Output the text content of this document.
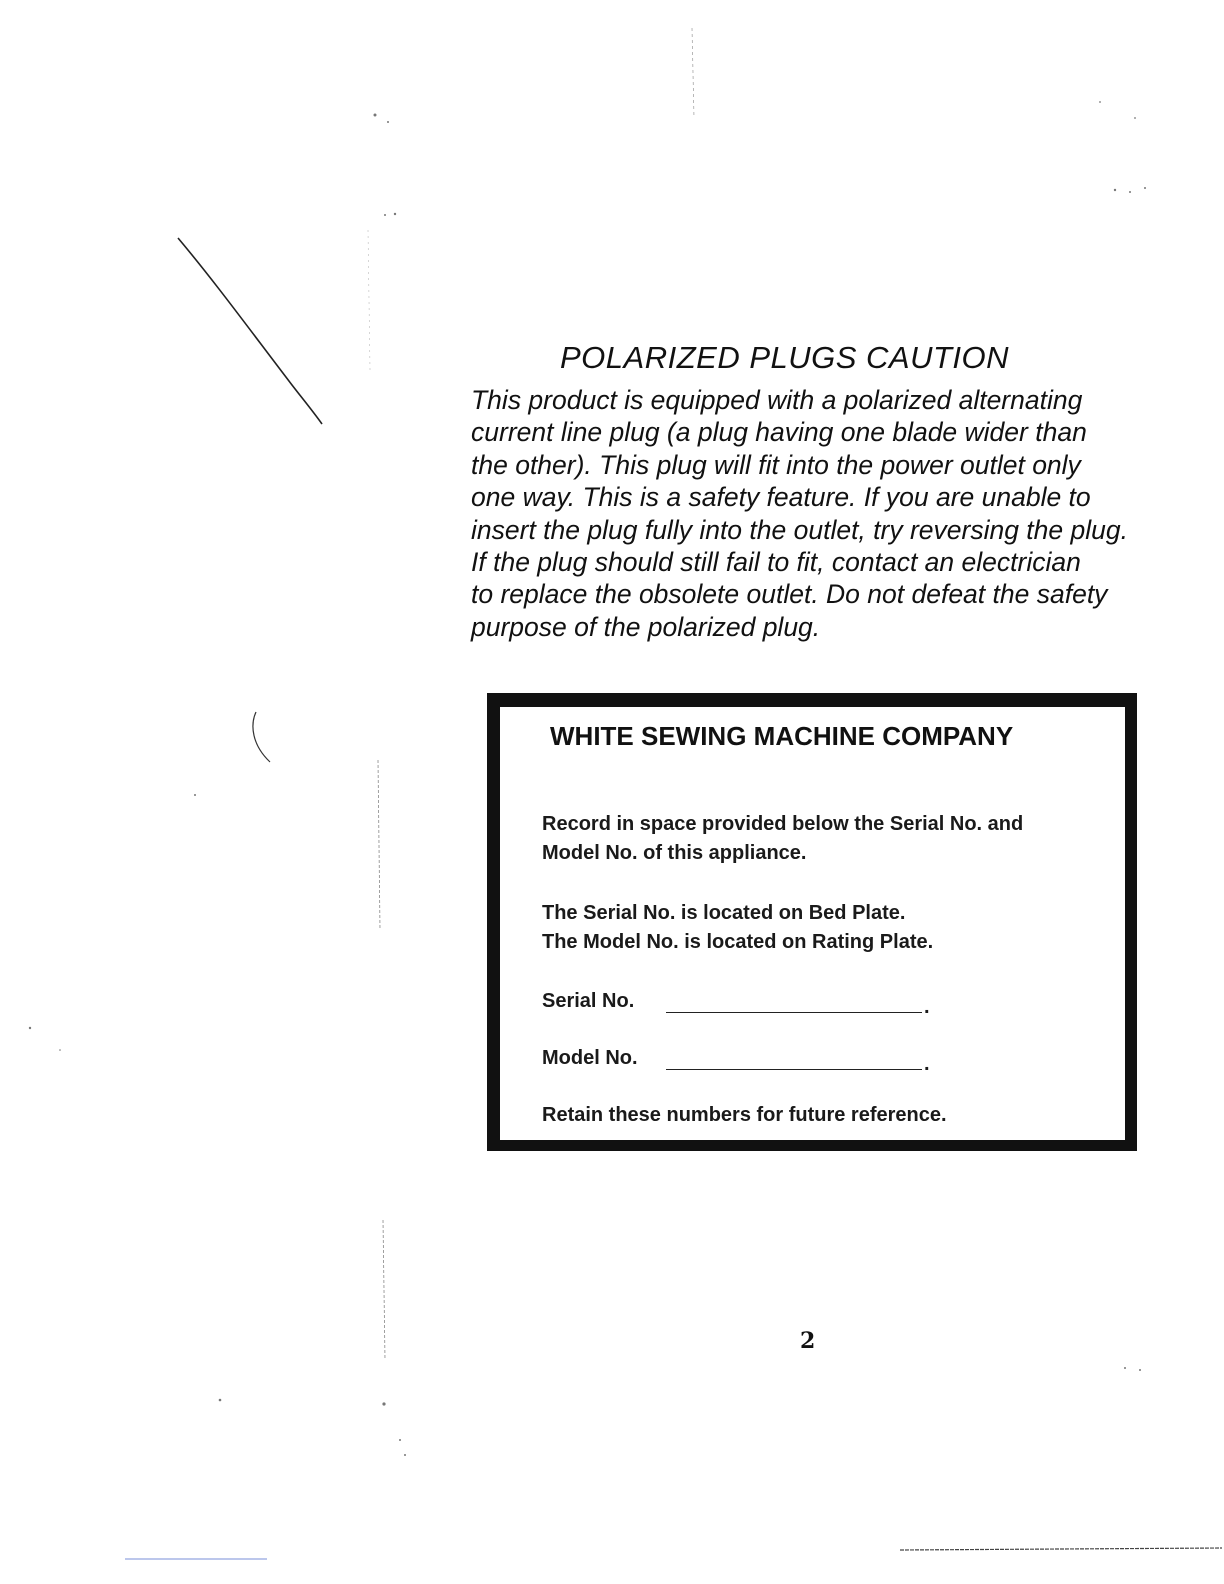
POLARIZED PLUGS CAUTION
This product is equipped with a polarized alternating
current line plug (a plug having one blade wider than
the other). This plug will fit into the power outlet only
one way. This is a safety feature. If you are unable to
insert the plug fully into the outlet, try reversing the plug.
If the plug should still fail to fit, contact an electrician
to replace the obsolete outlet. Do not defeat the safety
purpose of the polarized plug.
WHITE SEWING MACHINE COMPANY
Record in space provided below the Serial No. and
Model No. of this appliance.
The Serial No. is located on Bed Plate.
The Model No. is located on Rating Plate.
Serial No.	.
Model No.	.
Retain these numbers for future reference.
2
